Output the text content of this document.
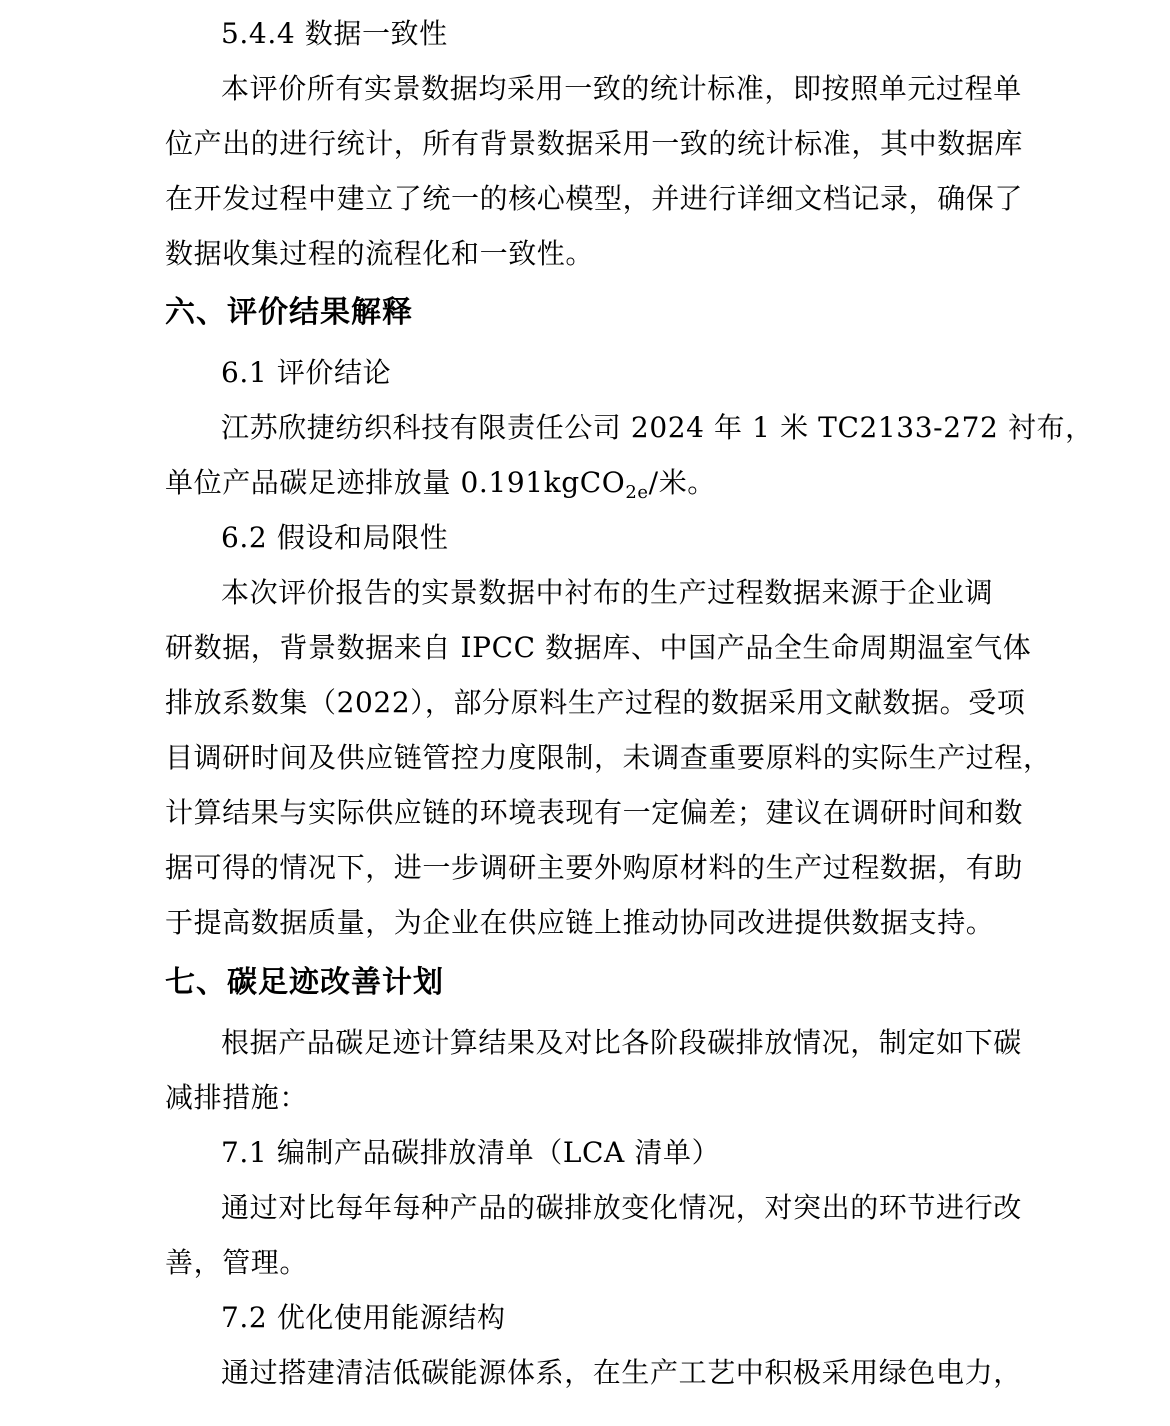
5.4.4 数据一致性
本评价所有实景数据均采用一致的统计标准，即按照单元过程单
位产出的进行统计，所有背景数据采用一致的统计标准，其中数据库
在开发过程中建立了统一的核心模型，并进行详细文档记录，确保了
数据收集过程的流程化和一致性。
六、评价结果解释
6.1 评价结论
江苏欣捷纺织科技有限责任公司 2024 年 1 米 TC2133-272 衬布，
单位产品碳足迹排放量 0.191kgCO$_{2e}$/米。
6.2 假设和局限性
本次评价报告的实景数据中衬布的生产过程数据来源于企业调
研数据，背景数据来自 IPCC 数据库、中国产品全生命周期温室气体
排放系数集（2022），部分原料生产过程的数据采用文献数据。受项
目调研时间及供应链管控力度限制，未调查重要原料的实际生产过程，
计算结果与实际供应链的环境表现有一定偏差；建议在调研时间和数
据可得的情况下，进一步调研主要外购原材料的生产过程数据，有助
于提高数据质量，为企业在供应链上推动协同改进提供数据支持。
七、碳足迹改善计划
根据产品碳足迹计算结果及对比各阶段碳排放情况，制定如下碳
减排措施：
7.1 编制产品碳排放清单（LCA 清单）
通过对比每年每种产品的碳排放变化情况，对突出的环节进行改
善，管理。
7.2 优化使用能源结构
通过搭建清洁低碳能源体系，在生产工艺中积极采用绿色电力，
